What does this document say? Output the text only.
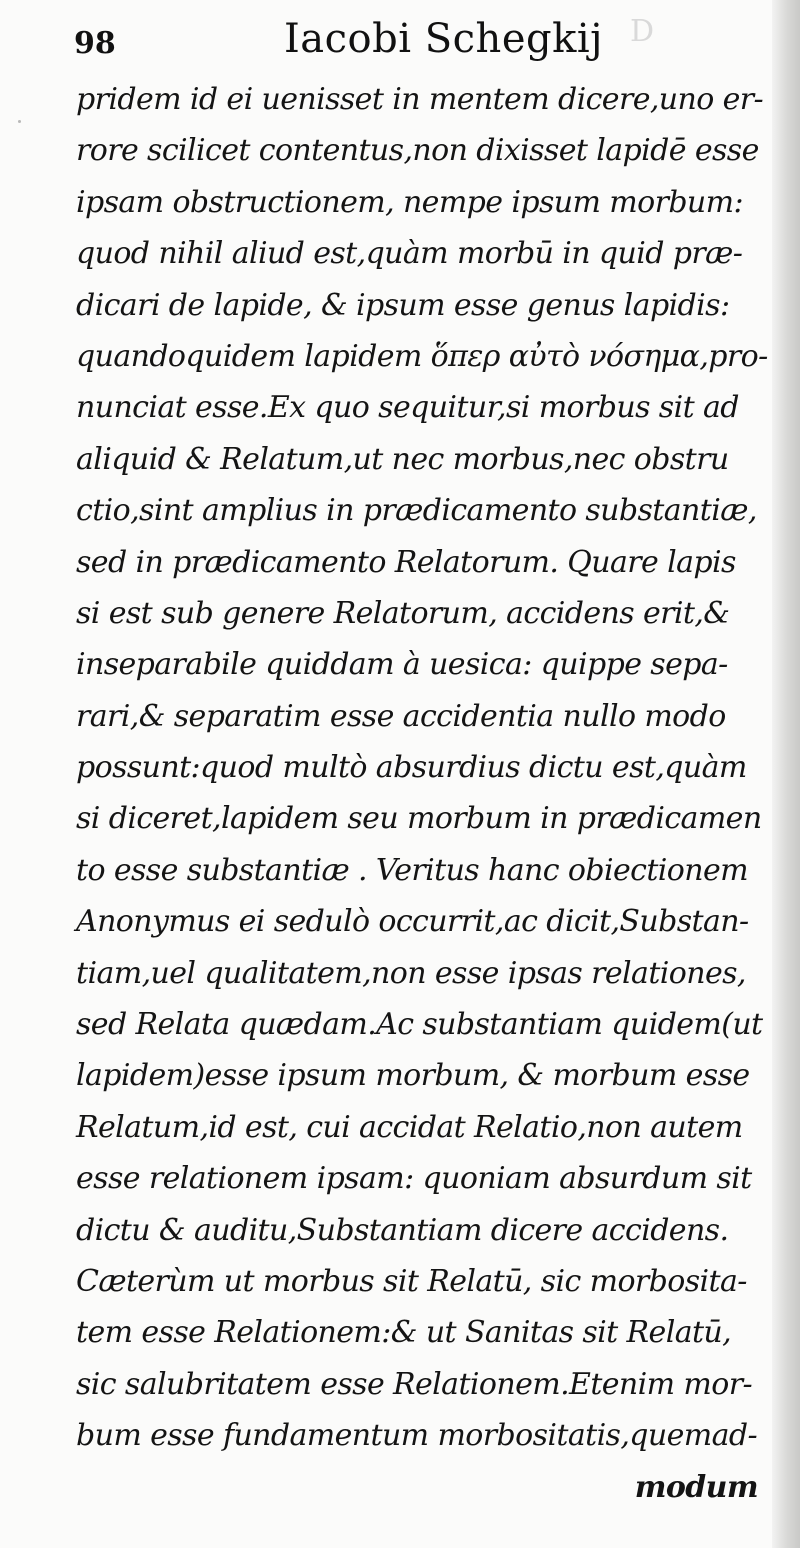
D
98	Iacobi Schegkij
pridem id ei uenisset in mentem dicere,uno er-
rore scilicet contentus,non dixisset lapidē esse
ipsam obstructionem, nempe ipsum morbum:
quod nihil aliud est,quàm morbū in quid præ-
dicari de lapide, & ipsum esse genus lapidis:
quandoquidem lapidem ὅπερ αὐτὸ νόσημα,pro-
nunciat esse.Ex quo sequitur,si morbus sit ad
aliquid & Relatum,ut nec morbus,nec obstru
ctio,sint amplius in prædicamento substantiæ,
sed in prædicamento Relatorum. Quare lapis
si est sub genere Relatorum, accidens erit,&
inseparabile quiddam à uesica: quippe sepa-
rari,& separatim esse accidentia nullo modo
possunt:quod multò absurdius dictu est,quàm
si diceret,lapidem seu morbum in prædicamen
to esse substantiæ . Veritus hanc obiectionem
Anonymus ei sedulò occurrit,ac dicit,Substan-
tiam,uel qualitatem,non esse ipsas relationes,
sed Relata quædam.Ac substantiam quidem(ut
lapidem)esse ipsum morbum, & morbum esse
Relatum,id est, cui accidat Relatio,non autem
esse relationem ipsam: quoniam absurdum sit
dictu & auditu,Substantiam dicere accidens.
Cæterùm ut morbus sit Relatū, sic morbosita-
tem esse Relationem:& ut Sanitas sit Relatū,
sic salubritatem esse Relationem.Etenim mor-
bum esse fundamentum morbositatis,quemad-
modum
